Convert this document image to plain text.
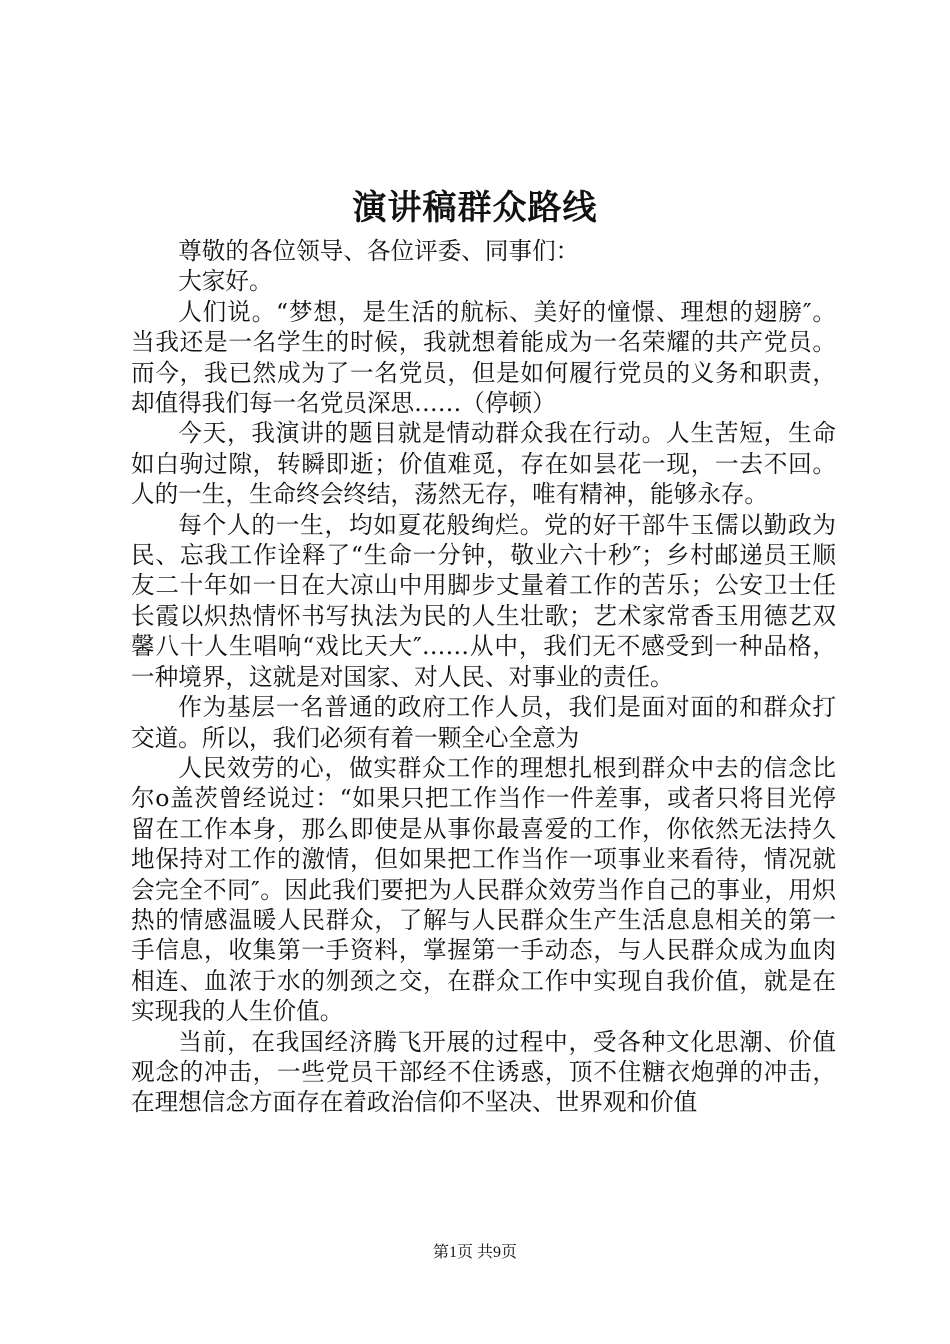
演讲稿群众路线

尊敬的各位领导、各位评委、同事们：

大家好。

人们说。“梦想，是生活的航标、美好的憧憬、理想的翅膀″。当我还是一名学生的时候，我就想着能成为一名荣耀的共产党员。而今，我已然成为了一名党员，但是如何履行党员的义务和职责，却值得我们每一名党员深思……（停顿）

今天，我演讲的题目就是情动群众我在行动。人生苦短，生命如白驹过隙，转瞬即逝；价值难觅，存在如昙花一现，一去不回。人的一生，生命终会终结，荡然无存，唯有精神，能够永存。

每个人的一生，均如夏花般绚烂。党的好干部牛玉儒以勤政为民、忘我工作诠释了“生命一分钟，敬业六十秒″；乡村邮递员王顺友二十年如一日在大凉山中用脚步丈量着工作的苦乐；公安卫士任长霞以炽热情怀书写执法为民的人生壮歌；艺术家常香玉用德艺双馨八十人生唱响“戏比天大″……从中，我们无不感受到一种品格，一种境界，这就是对国家、对人民、对事业的责任。

作为基层一名普通的政府工作人员，我们是面对面的和群众打交道。所以，我们必须有着一颗全心全意为

人民效劳的心，做实群众工作的理想扎根到群众中去的信念比尔ο盖茨曾经说过：“如果只把工作当作一件差事，或者只将目光停留在工作本身，那么即使是从事你最喜爱的工作，你依然无法持久地保持对工作的激情，但如果把工作当作一项事业来看待，情况就会完全不同″。因此我们要把为人民群众效劳当作自己的事业，用炽热的情感温暖人民群众，了解与人民群众生产生活息息相关的第一手信息，收集第一手资料，掌握第一手动态，与人民群众成为血肉相连、血浓于水的刎颈之交，在群众工作中实现自我价值，就是在实现我的人生价值。

当前，在我国经济腾飞开展的过程中，受各种文化思潮、价值观念的冲击，一些党员干部经不住诱惑，顶不住糖衣炮弹的冲击，在理想信念方面存在着政治信仰不坚决、世界观和价值

第1页 共9页
